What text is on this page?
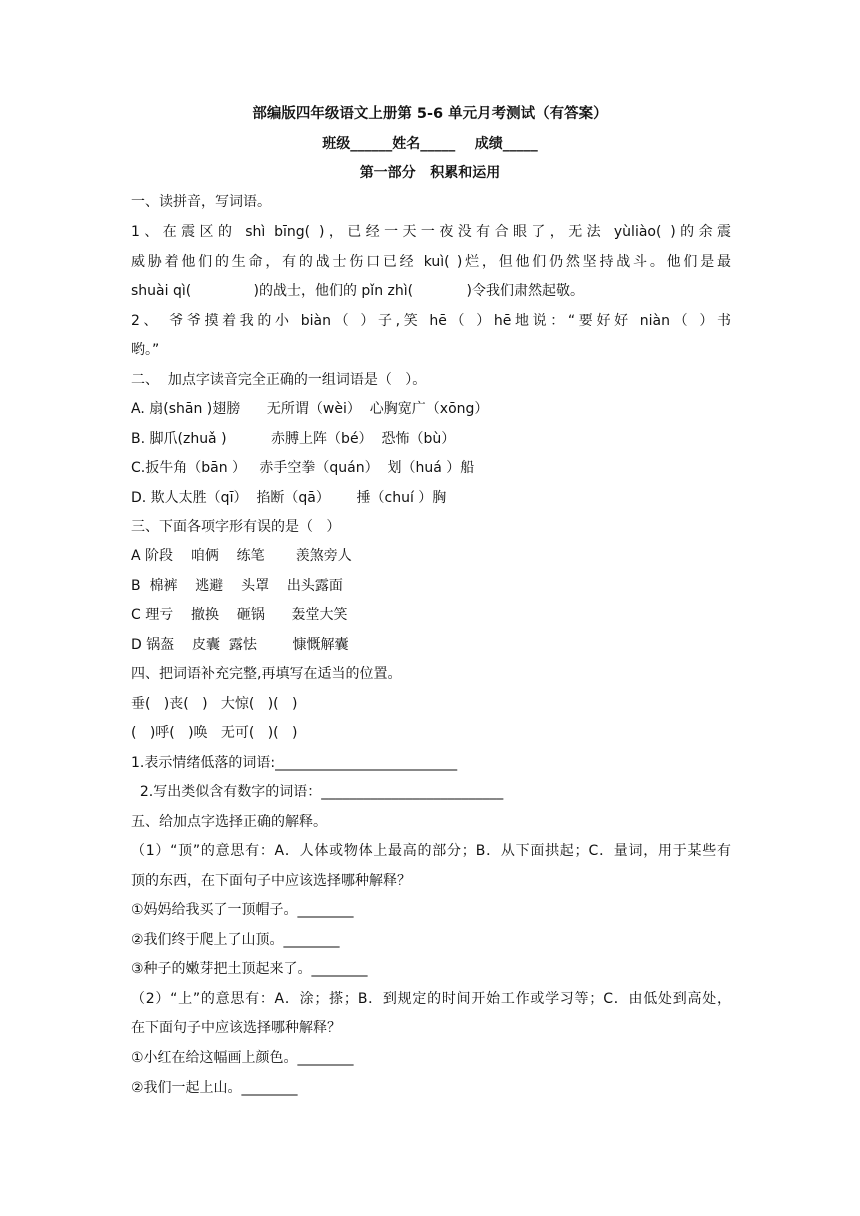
部编版四年级语文上册第 5-6 单元月考测试（有答案）
班级______姓名_____    成绩_____
第一部分   积累和运用
一、读拼音，写词语。
1、在震区的 shì bīng( )，已经一天一夜没有合眼了，无法 yùliào( )的余震
威胁着他们的生命，有的战士伤口已经 kuì( )烂，但他们仍然坚持战斗。他们是最
shuài qì(              )的战士，他们的 pǐn zhì(            )令我们肃然起敬。
2、 爷爷摸着我的小 biàn（ ）子,笑 hē（ ）hē地说：“要好好 niàn（ ）书
哟。”
二、  加点字读音完全正确的一组词语是（   ）。
A. 扇(shān )翅膀      无所谓（wèi）  心胸宽广（xōng）
B. 脚爪(zhuǎ )          赤膊上阵（bé）  恐怖（bù）
C.扳牛角（bān ）   赤手空拳（quán）  划（huá ）船
D. 欺人太胜（qī）  掐断（qā）      捶（chuí ）胸
三、下面各项字形有误的是（   ）
A 阶段    咱俩    练笔       羡煞旁人
B  棉裤    逃避    头罩    出头露面
C 理亏    撤换    砸锅      轰堂大笑
D 锅盔    皮囊  露怯        慷慨解囊
四、把词语补充完整,再填写在适当的位置。
垂(   )丧(   )   大惊(   )(   )
(   )呼(   )唤   无可(   )(   )
1.表示情绪低落的词语:__________________________
2.写出类似含有数字的词语：__________________________
五、给加点字选择正确的解释。
（1）“顶”的意思有：A．人体或物体上最高的部分；B．从下面拱起；C．量词，用于某些有
顶的东西，在下面句子中应该选择哪种解释？
①妈妈给我买了一顶帽子。________
②我们终于爬上了山顶。________
③种子的嫩芽把土顶起来了。________
（2）“上”的意思有：A．涂；搽；B．到规定的时间开始工作或学习等；C．由低处到高处，
在下面句子中应该选择哪种解释？
①小红在给这幅画上颜色。________
②我们一起上山。________
